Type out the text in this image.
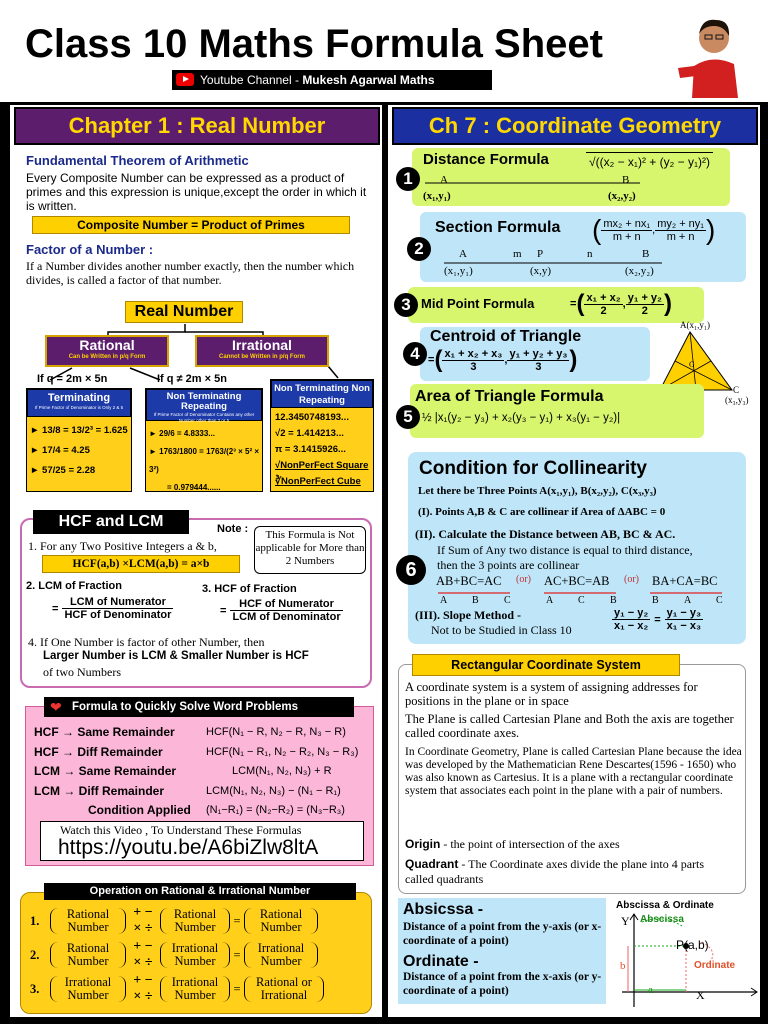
Class 10 Maths Formula Sheet
Youtube Channel - Mukesh Agarwal Maths
Chapter 1 : Real Number
Fundamental Theorem of Arithmetic
Every Composite Number can be expressed as a product of primes and this expression is unique,except the order in which it is written.
Composite Number = Product of Primes
Factor of a Number :
If a Number divides another number exactly, then the number which divides, is called a factor of that number.
Real Number
Rational
Can be Written in p/q Form
Irrational
Cannot be Written in p/q Form
If q = 2m × 5n	If q ≠ 2m × 5n
Terminating
If Prime Factor of Denominator is Only 2 & 5
► 13/8 = 13/2³ = 1.625
► 17/4 = 4.25
► 57/25 = 2.28
Non Terminating Repeating
If Prime Factor of Denominator Contains any other Number other than 2 or 5
► 29/6 = 4.8333...
► 1763/1800 = 1763/(2³ × 5² × 3²)
= 0.979444......
Non Terminating Non Repeating
12.3450748193...
√2 = 1.414213...
π = 3.1415926...
√NonPerFect Square
∛NonPerFect Cube
HCF and LCM	Note :	This Formula is Not applicable for More than 2 Numbers
1. For any Two Positive Integers a & b,
HCF(a,b) ×LCM(a,b) = a×b
2. LCM of Fraction
= $\frac{\text{LCM of Numerator}}{\text{HCF of Denominator}}$
3. HCF of Fraction
= $\frac{\text{HCF of Numerator}}{\text{LCM of Denominator}}$
4. If One Number is factor of other Number, then
Larger Number is LCM & Smaller Number is HCF
of two Numbers
Formula to Quickly Solve Word Problems
❤
HCF → Same Remainder	HCF(N₁ − R, N₂ − R, N₃ − R)
HCF → Diff Remainder	HCF(N₁ − R₁, N₂ − R₂, N₃ − R₃)
LCM → Same Remainder	LCM(N₁, N₂, N₃) + R
LCM → Diff Remainder	LCM(N₁, N₂, N₃) − (N₁ − R₁)
Condition Applied	(N₁−R₁) = (N₂−R₂) = (N₃−R₃)
Watch this Video , To Understand These Formulas
https://youtu.be/A6biZlw8ltA
Operation on Rational & Irrational Number
1.	Rational Number
+ −
× ÷
Rational Number	=	Rational Number
2.	Rational Number
+ −
× ÷
Irrational Number	=	Irrational Number
3.	Irrational Number
+ −
× ÷
Irrational Number	=	Rational or Irrational
Ch 7 : Coordinate Geometry
1
Distance Formula	√((x₂ − x₁)² + (y₂ − y₁)²)
A
(x₁,y₁)
B
(x₂,y₂)
2
Section Formula ( $\frac{\text{mx₂ + nx₁}}{m + n}$ , $\frac{\text{my₂ + ny₁}}{m + n}$ )
A	m P	n	B
(x₁,y₁)	(x,y)	(x₂,y₂)
3 Mid Point Formula	= ( $\frac{\text{x₁ + x₂}}{2}$ , $\frac{\text{y₁ + y₂}}{2}$ )
4
Centroid of Triangle
= ( $\frac{\text{x₁ + x₂ + x₃}}{3}$ , $\frac{\text{y₁ + y₂ + y₃}}{3}$ )
A(x₁,y₁)
G
C
(x₃,y₃)
5
Area of Triangle Formula
½ |x₁(y₂ − y₃) + x₂(y₃ − y₁) + x₃(y₁ − y₂)|
6
Condition for Collinearity
Let there be Three Points A(x₁,y₁), B(x₂,y₂), C(x₃,y₃)
(I). Points A,B & C are collinear if Area of ΔABC = 0
(II). Calculate the Distance between AB, BC & AC.
If Sum of Any two distance is equal to third distance,
then the 3 points are collinear
AB+BC=AC	(or)	AC+BC=AB	(or)	BA+CA=BC
A B	C	A C	B	B	A C
(III). Slope Method -
Not to be Studied in Class 10	$\frac{\text{y₁ − y₂}}{\text{x₁ − x₂}} = \frac{\text{y₁ − y₃}}{\text{x₁ − x₃}}$
Rectangular Coordinate System
A coordinate system is a system of assigning addresses for positions in the plane or in space
The Plane is called Cartesian Plane and Both the axis are together called coordinate axes.
In Coordinate Geometry, Plane is called Cartesian Plane because the idea was developed by the Mathematician Rene Descartes(1596 - 1650) who was also known as Cartesius. It is a plane with a rectangular coordinate system that associates each point in the plane with a pair of numbers.
Origin - the point of intersection of the axes
Quadrant - The Coordinate axes divide the plane into 4 parts called quadrants
Absicssa -
Distance of a point from the y-axis (or x-coordinate of a point)
Ordinate -
Distance of a point from the x-axis (or y-coordinate of a point)
Abscissa & Ordinate
Abscissa
Ordinate
P(a,b)
Y
X
a
b
